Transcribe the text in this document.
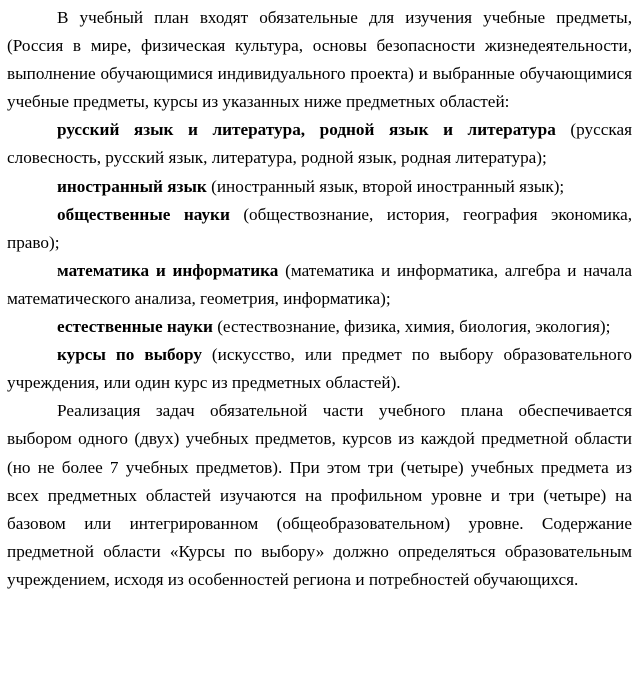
В учебный план входят обязательные для изучения учебные предметы, (Россия в мире, физическая культура, основы безопасности жизнедеятельности, выполнение обучающимися индивидуального проекта) и выбранные обучающимися учебные предметы, курсы из указанных ниже предметных областей:

русский язык и литература, родной язык и литература (русская словесность, русский язык, литература, родной язык, родная литература);

иностранный язык (иностранный язык, второй иностранный язык);

общественные науки (обществознание, история, география экономика, право);

математика и информатика (математика и информатика, алгебра и начала математического анализа, геометрия, информатика);

естественные науки (естествознание, физика, химия, биология, экология);

курсы по выбору (искусство, или предмет по выбору образовательного учреждения, или один курс из предметных областей).

Реализация задач обязательной части учебного плана обеспечивается выбором одного (двух) учебных предметов, курсов из каждой предметной области (но не более 7 учебных предметов). При этом три (четыре) учебных предмета из всех предметных областей изучаются на профильном уровне и три (четыре) на базовом или интегрированном (общеобразовательном) уровне. Содержание предметной области «Курсы по выбору» должно определяться образовательным учреждением, исходя из особенностей региона и потребностей обучающихся.
